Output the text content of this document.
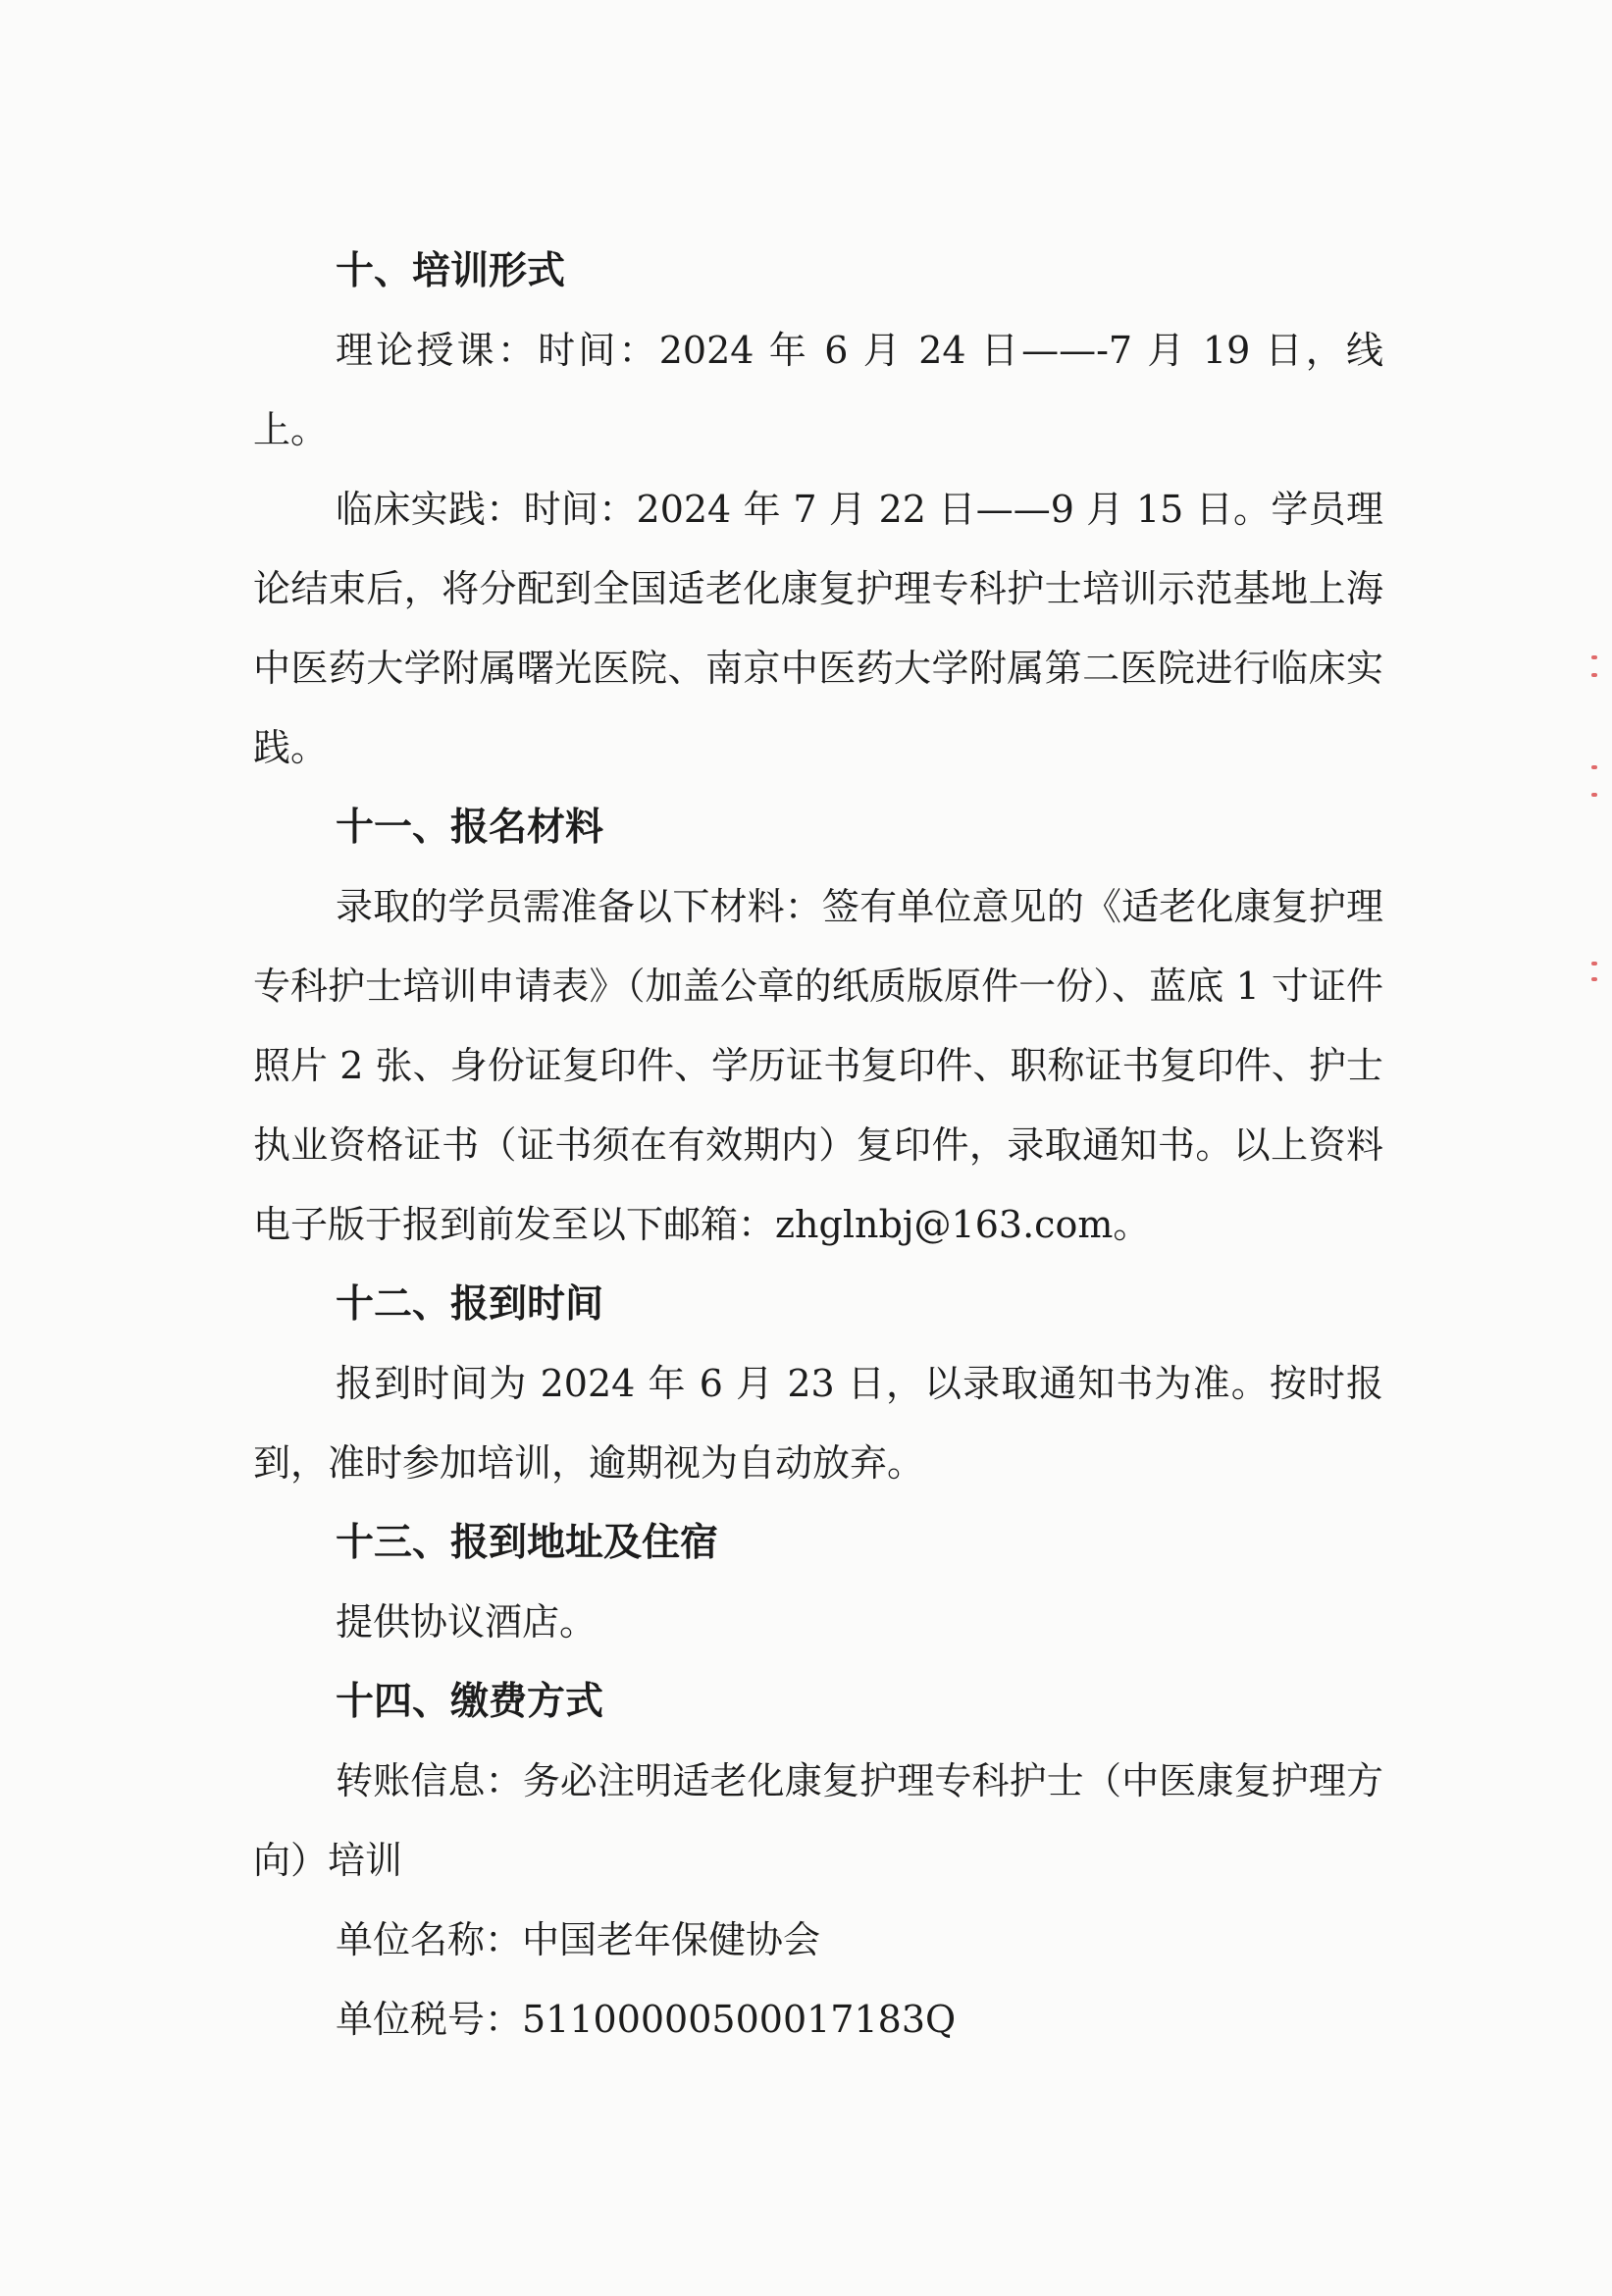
十、培训形式

理论授课：时间：2024 年 6 月 24 日——-7 月 19 日，线上。

临床实践：时间：2024 年 7 月 22 日——9 月 15 日。学员理论结束后，将分配到全国适老化康复护理专科护士培训示范基地上海中医药大学附属曙光医院、南京中医药大学附属第二医院进行临床实践。

十一、报名材料

录取的学员需准备以下材料：签有单位意见的《适老化康复护理专科护士培训申请表》（加盖公章的纸质版原件一份）、蓝底 1 寸证件照片 2 张、身份证复印件、学历证书复印件、职称证书复印件、护士执业资格证书（证书须在有效期内）复印件，录取通知书。以上资料电子版于报到前发至以下邮箱：zhglnbj@163.com。

十二、报到时间

报到时间为 2024 年 6 月 23 日，以录取通知书为准。按时报到，准时参加培训，逾期视为自动放弃。

十三、报到地址及住宿

提供协议酒店。

十四、缴费方式

转账信息：务必注明适老化康复护理专科护士（中医康复护理方向）培训

单位名称：中国老年保健协会

单位税号：51100000500017183Q
